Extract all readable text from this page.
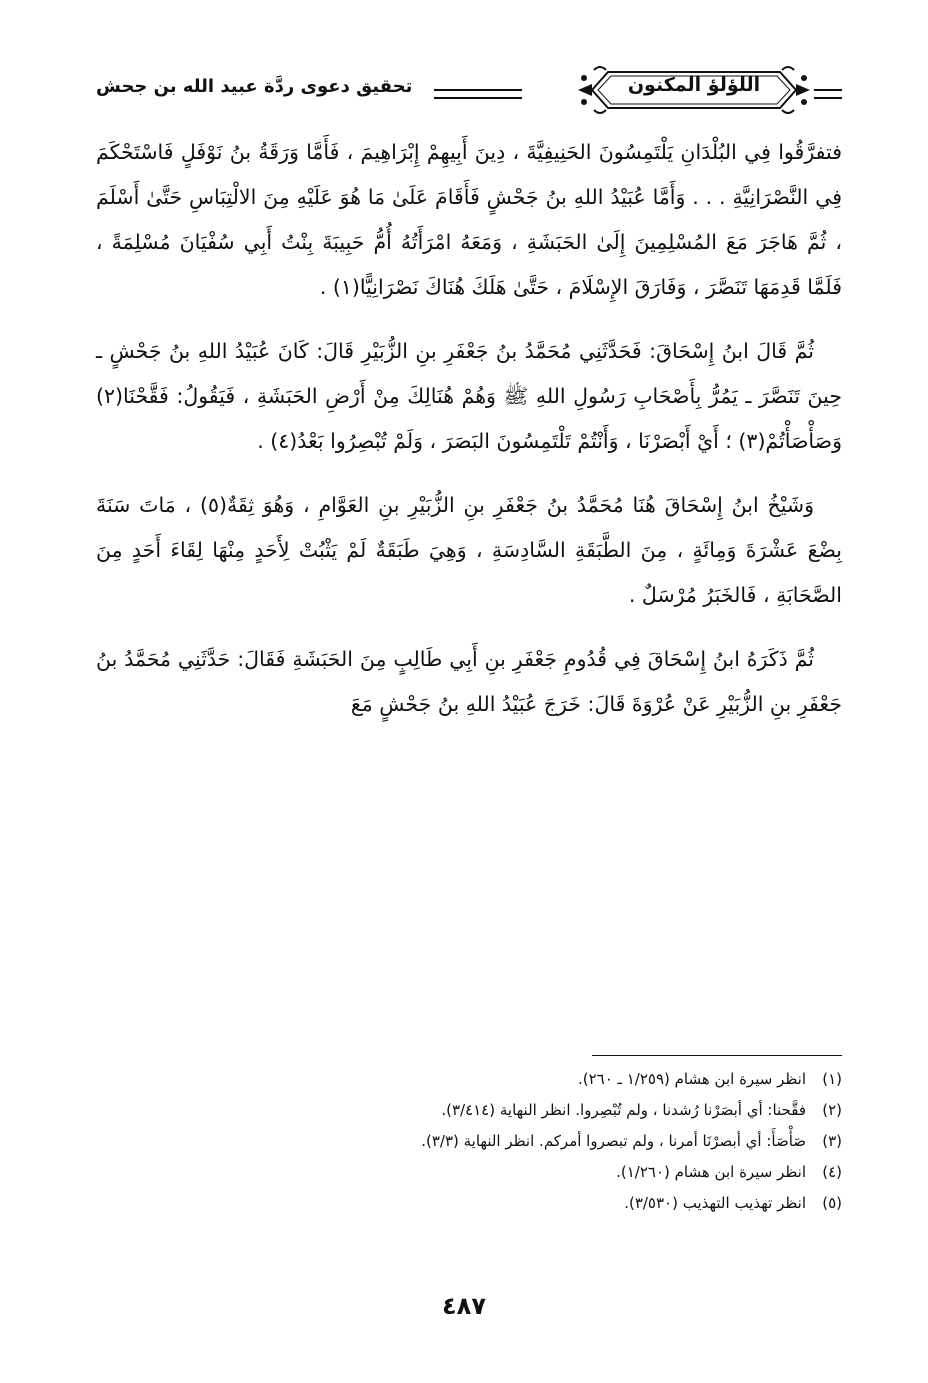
اللؤلؤ المكنون
تحقيق دعوى ردَّة عبيد الله بن جحش

فتفرَّقُوا فِي البُلْدَانِ يَلْتَمِسُونَ الحَنِيفِيَّةَ ، دِينَ أَبِيهِمْ إِبْرَاهِيمَ ، فَأَمَّا وَرَقَةُ بنُ نَوْفَلٍ فَاسْتَحْكَمَ فِي النَّصْرَانِيَّةِ . . . وَأَمَّا عُبَيْدُ اللهِ بنُ جَحْشٍ فَأَقَامَ عَلَىٰ مَا هُوَ عَلَيْهِ مِنَ الالْتِبَاسِ حَتَّىٰ أَسْلَمَ ، ثُمَّ هَاجَرَ مَعَ المُسْلِمِينَ إِلَىٰ الحَبَشَةِ ، وَمَعَهُ امْرَأَتُهُ أُمُّ حَبِيبَةَ بِنْتُ أَبِي سُفْيَانَ مُسْلِمَةً ، فَلَمَّا قَدِمَهَا تَنَصَّرَ ، وَفَارَقَ الإِسْلَامَ ، حَتَّىٰ هَلَكَ هُنَاكَ نَصْرَانِيًّا(١) .

ثُمَّ قَالَ ابنُ إِسْحَاقَ: فَحَدَّثَنِي مُحَمَّدُ بنُ جَعْفَرِ بنِ الزُّبَيْرِ قَالَ: كَانَ عُبَيْدُ اللهِ بنُ جَحْشٍ ـ حِينَ تَنَصَّرَ ـ يَمُرُّ بِأَصْحَابِ رَسُولِ اللهِ ﷺ وَهُمْ هُنَالِكَ مِنْ أَرْضِ الحَبَشَةِ ، فَيَقُولُ: فَقَّحْنَا(٢) وَصَأْصَأْتُمْ(٣) ؛ أَيْ أَبْصَرْنَا ، وَأَنْتُمْ تَلْتَمِسُونَ البَصَرَ ، وَلَمْ تُبْصِرُوا بَعْدُ(٤) .

وَشَيْخُ ابنُ إِسْحَاقَ هُنَا مُحَمَّدُ بنُ جَعْفَرِ بنِ الزُّبَيْرِ بنِ العَوَّامِ ، وَهُوَ ثِقَةٌ(٥) ، مَاتَ سَنَةَ بِضْعَ عَشْرَةَ وَمِائَةٍ ، مِنَ الطَّبَقَةِ السَّادِسَةِ ، وَهِيَ طَبَقَةٌ لَمْ يَثْبُتْ لِأَحَدٍ مِنْهَا لِقَاءَ أَحَدٍ مِنَ الصَّحَابَةِ ، فَالخَبَرُ مُرْسَلٌ .

ثُمَّ ذَكَرَهُ ابنُ إِسْحَاقَ فِي قُدُومِ جَعْفَرِ بنِ أَبِي طَالِبٍ مِنَ الحَبَشَةِ فَقَالَ: حَدَّثَنِي مُحَمَّدُ بنُ جَعْفَرِ بنِ الزُّبَيْرِ عَنْ عُرْوَةَ قَالَ: خَرَجَ عُبَيْدُ اللهِ بنُ جَحْشٍ مَعَ

(١)
انظر سيرة ابن هشام (١/٢٥٩ ـ ٢٦٠).
(٢)
فقَّحنا: أي أبصَرْنا رُشدنا ، ولم تُبْصِروا. انظر النهاية (٣/٤١٤).
(٣)
صَأْصَأَ: أي أبصرْنَا أمرنا ، ولم تبصروا أمركم. انظر النهاية (٣/٣).
(٤)
انظر سيرة ابن هشام (١/٢٦٠).
(٥)
انظر تهذيب التهذيب (٣/٥٣٠).
٤٨٧
